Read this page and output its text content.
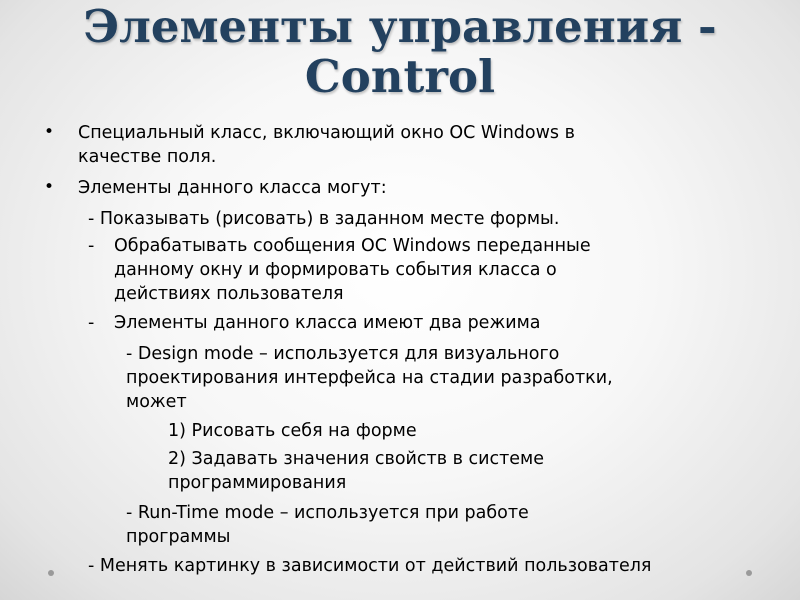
Элементы управления -
Control
• Специальный класс, включающий окно ОС Windows в
качестве поля.
• Элементы данного класса могут:
- Показывать (рисовать) в заданном месте формы.
- Обрабатывать сообщения ОС Windows переданные
данному окну и формировать события класса о
действиях пользователя
- Элементы данного класса имеют два режима
- Design mode – используется для визуального
проектирования интерфейса на стадии разработки,
может
1) Рисовать себя на форме
2) Задавать значения свойств в системе
программирования
- Run-Time mode – используется при работе
программы
- Менять картинку в зависимости от действий пользователя
